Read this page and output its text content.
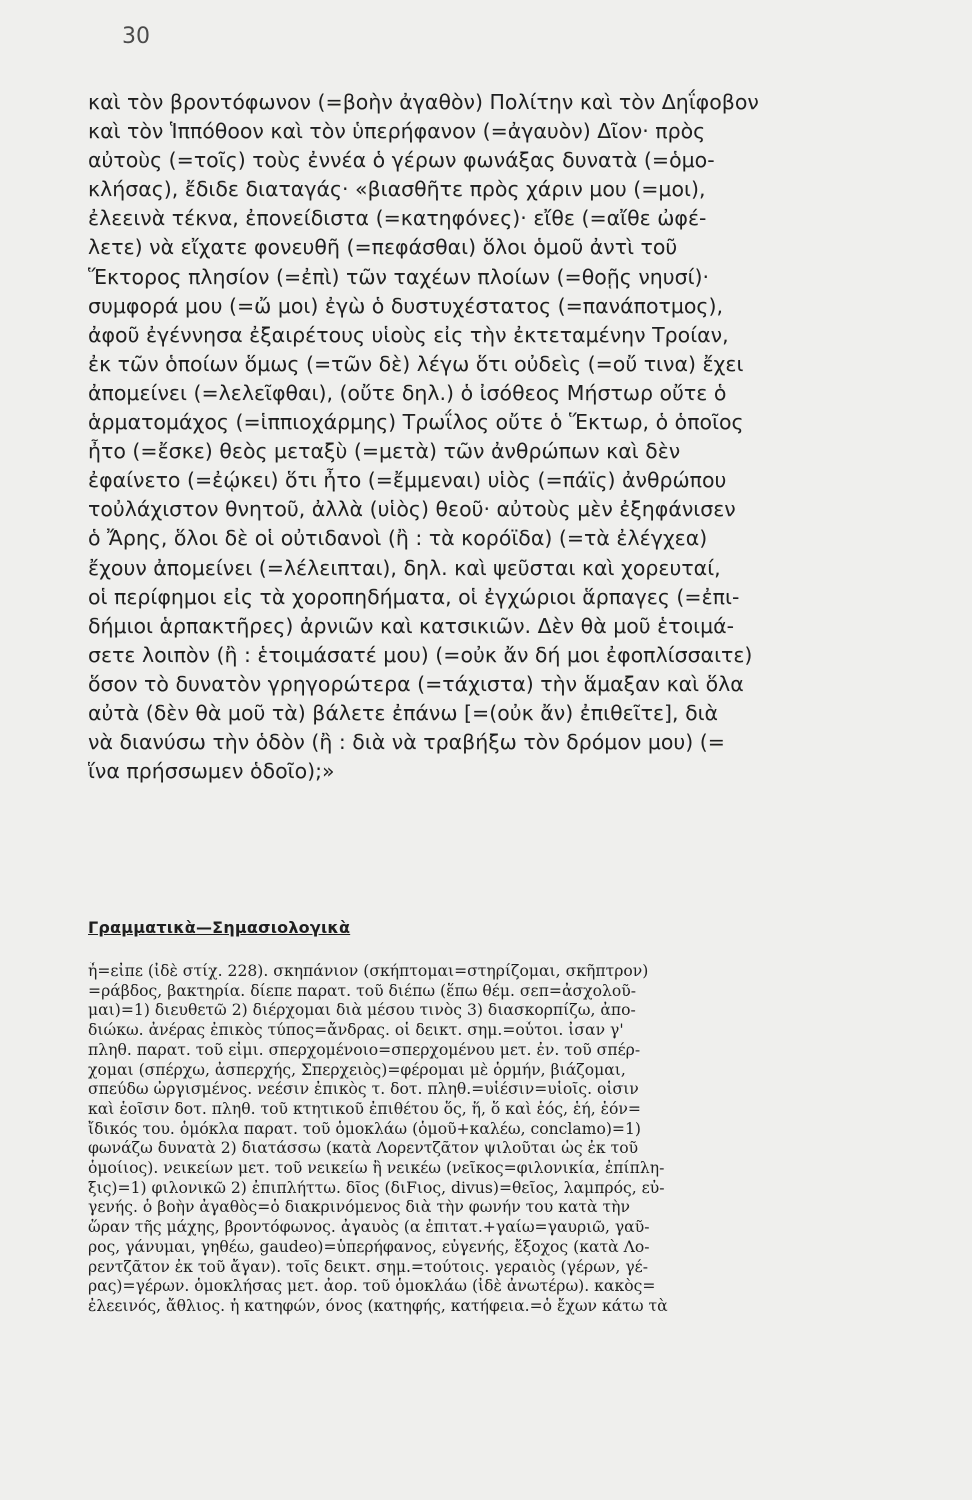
30
καὶ τὸν βροντόφωνον (=βοὴν ἀγαθὸν) Πολίτην καὶ τὸν Δηΐφοβον
καὶ τὸν Ἱππόθοον καὶ τὸν ὑπερήφανον (=ἀγαυὸν) Δῖον· πρὸς
αὐτοὺς (=τοῖς) τοὺς ἐννέα ὁ γέρων φωνάξας δυνατὰ (=ὁμο-
κλήσας), ἔδιδε διαταγάς· «βιασθῆτε πρὸς χάριν μου (=μοι),
ἐλεεινὰ τέκνα, ἐπονείδιστα (=κατηφόνες)· εἴθε (=αἴθε ὠφέ-
λετε) νὰ εἴχατε φονευθῆ (=πεφάσθαι) ὅλοι ὁμοῦ ἀντὶ τοῦ
Ἕκτορος πλησίον (=ἐπὶ) τῶν ταχέων πλοίων (=θοῇς νηυσί)·
συμφορά μου (=ὤ μοι) ἐγὼ ὁ δυστυχέστατος (=πανάποτμος),
ἀφοῦ ἐγέννησα ἐξαιρέτους υἱοὺς εἰς τὴν ἐκτεταμένην Τροίαν,
ἐκ τῶν ὁποίων ὅμως (=τῶν δὲ) λέγω ὅτι οὐδεὶς (=οὔ τινα) ἔχει
ἀπομείνει (=λελεῖφθαι), (οὔτε δηλ.) ὁ ἰσόθεος Μήστωρ οὔτε ὁ
ἁρματομάχος (=ἱππιοχάρμης) Τρωΐλος οὔτε ὁ Ἕκτωρ, ὁ ὁποῖος
ἦτο (=ἔσκε) θεὸς μεταξὺ (=μετὰ) τῶν ἀνθρώπων καὶ δὲν
ἐφαίνετο (=ἐῴκει) ὅτι ἦτο (=ἔμμεναι) υἱὸς (=πάϊς) ἀνθρώπου
τοὐλάχιστον θνητοῦ, ἀλλὰ (υἱὸς) θεοῦ· αὐτοὺς μὲν ἐξηφάνισεν
ὁ Ἄρης, ὅλοι δὲ οἱ οὐτιδανοὶ (ἢ : τὰ κορόϊδα) (=τὰ ἐλέγχεα)
ἔχουν ἀπομείνει (=λέλειπται), δηλ. καὶ ψεῦσται καὶ χορευταί,
οἱ περίφημοι εἰς τὰ χοροπηδήματα, οἱ ἐγχώριοι ἅρπαγες (=ἐπι-
δήμιοι ἁρπακτῆρες) ἀρνιῶν καὶ κατσικιῶν. Δὲν θὰ μοῦ ἑτοιμά-
σετε λοιπὸν (ἢ : ἑτοιμάσατέ μου) (=οὐκ ἄν δή μοι ἐφοπλίσσαιτε)
ὅσον τὸ δυνατὸν γρηγορώτερα (=τάχιστα) τὴν ἅμαξαν καὶ ὅλα
αὐτὰ (δὲν θὰ μοῦ τὰ) βάλετε ἐπάνω [=(οὐκ ἄν) ἐπιθεῖτε], διὰ
νὰ διανύσω τὴν ὁδὸν (ἢ : διὰ νὰ τραβήξω τὸν δρόμον μου) (=
ἵνα πρήσσωμεν ὁδοῖο);»
Γραμματικὰ—Σημασιολογικὰ
ἦ=εἶπε (ἰδὲ στίχ. 228). σκηπάνιον (σκήπτομαι=στηρίζομαι, σκῆπτρον)
=ράβδος, βακτηρία. δίεπε παρατ. τοῦ διέπω (ἕπω θέμ. σεπ=ἀσχολοῦ-
μαι)=1) διευθετῶ 2) διέρχομαι διὰ μέσου τινὸς 3) διασκορπίζω, ἀπο-
διώκω. ἀνέρας ἐπικὸς τύπος=ἄνδρας. οἱ δεικτ. σημ.=οὗτοι. ἶσαν γ'
πληθ. παρατ. τοῦ εἶμι. σπερχομένοιο=σπερχομένου μετ. ἐν. τοῦ σπέρ-
χομαι (σπέρχω, ἀσπερχής, Σπερχειὸς)=φέρομαι μὲ ὁρμήν, βιάζομαι,
σπεύδω ὠργισμένος. νεέσιν ἐπικὸς τ. δοτ. πληθ.=υἱέσιν=υἱοῖς. οἷσιν
καὶ ἑοῖσιν δοτ. πληθ. τοῦ κτητικοῦ ἐπιθέτου ὅς, ἥ, ὅ καὶ ἑός, ἑή, ἑόν=
ἴδικός του. ὁμόκλα παρατ. τοῦ ὁμοκλάω (ὁμοῦ+καλέω, conclamo)=1)
φωνάζω δυνατὰ 2) διατάσσω (κατὰ Λορεντζᾶτον ψιλοῦται ὡς ἐκ τοῦ
ὁμοίιος). νεικείων μετ. τοῦ νεικείω ἢ νεικέω (νεῖκος=φιλονικία, ἐπίπλη-
ξις)=1) φιλονικῶ 2) ἐπιπλήττω. δῖος (διFιος, divus)=θεῖος, λαμπρός, εὐ-
γενής. ὁ βοὴν ἀγαθὸς=ὁ διακρινόμενος διὰ τὴν φωνήν του κατὰ τὴν
ὥραν τῆς μάχης, βροντόφωνος. ἀγαυὸς (α ἐπιτατ.+γαίω=γαυριῶ, γαῦ-
ρος, γάνυμαι, γηθέω, gaudeo)=ὑπερήφανος, εὐγενής, ἔξοχος (κατὰ Λο-
ρεντζᾶτον ἐκ τοῦ ἄγαν). τοῖς δεικτ. σημ.=τούτοις. γεραιὸς (γέρων, γέ-
ρας)=γέρων. ὁμοκλήσας μετ. ἀορ. τοῦ ὁμοκλάω (ἰδὲ ἀνωτέρω). κακὸς=
ἐλεεινός, ἄθλιος. ἡ κατηφών, όνος (κατηφής, κατήφεια.=ὁ ἔχων κάτω τὰ
